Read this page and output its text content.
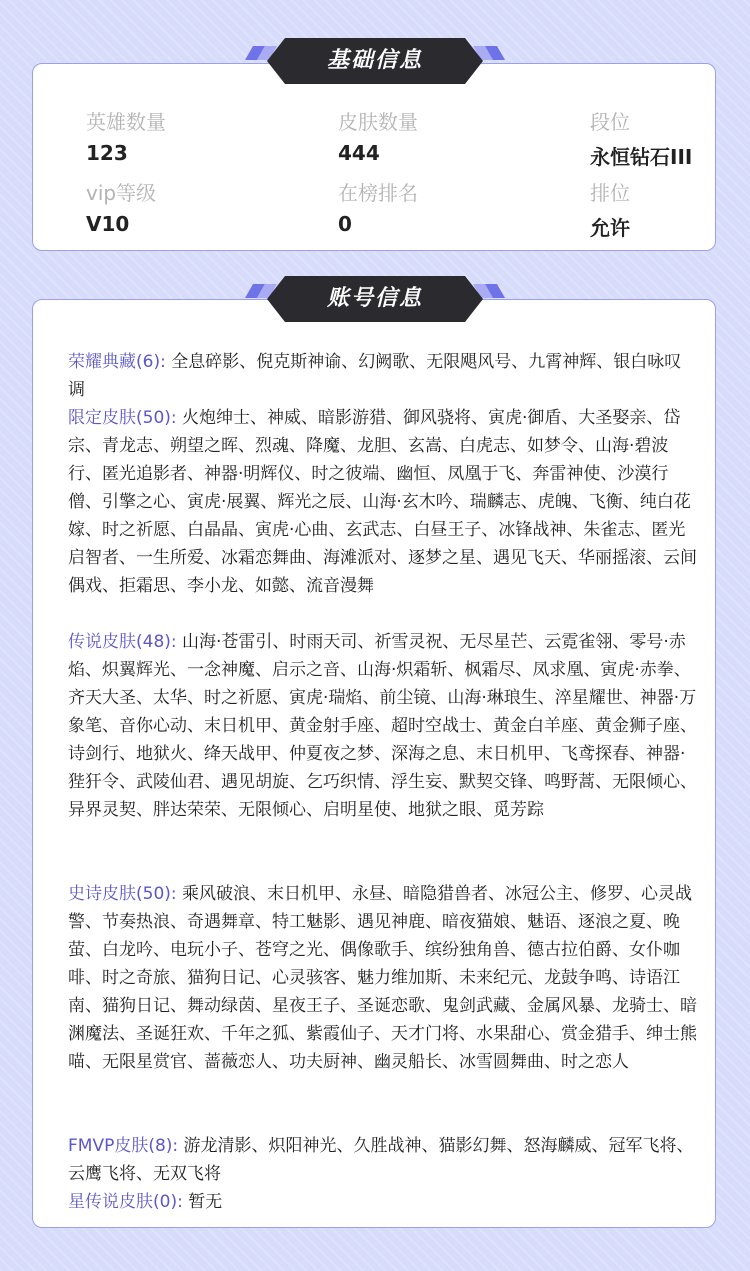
英雄数量
123
皮肤数量
444
段位
永恒钻石III
vip等级
V10
在榜排名
0
排位
允许
荣耀典藏(6): 全息碎影、倪克斯神谕、幻阙歌、无限飓风号、九霄神辉、银白咏叹调
限定皮肤(50): 火炮绅士、神威、暗影游猎、御风骁将、寅虎·御盾、大圣娶亲、岱宗、青龙志、朔望之晖、烈魂、降魔、龙胆、玄嵩、白虎志、如梦令、山海·碧波行、匿光追影者、神器·明辉仪、时之彼端、幽恒、凤凰于飞、奔雷神使、沙漠行僧、引擎之心、寅虎·展翼、辉光之辰、山海·玄木吟、瑞麟志、虎魄、飞衡、纯白花嫁、时之祈愿、白晶晶、寅虎·心曲、玄武志、白昼王子、冰锋战神、朱雀志、匿光启智者、一生所爱、冰霜恋舞曲、海滩派对、逐梦之星、遇见飞天、华丽摇滚、云间偶戏、拒霜思、李小龙、如懿、流音漫舞
传说皮肤(48): 山海·苍雷引、时雨天司、祈雪灵祝、无尽星芒、云霓雀翎、零号·赤焰、炽翼辉光、一念神魔、启示之音、山海·炽霜斩、枫霜尽、凤求凰、寅虎·赤拳、齐天大圣、太华、时之祈愿、寅虎·瑞焰、前尘镜、山海·琳琅生、淬星耀世、神器·万象笔、音你心动、末日机甲、黄金射手座、超时空战士、黄金白羊座、黄金狮子座、诗剑行、地狱火、绛天战甲、仲夏夜之梦、深海之息、末日机甲、飞鸢探春、神器·狴犴令、武陵仙君、遇见胡旋、乞巧织情、浮生妄、默契交锋、鸣野蒿、无限倾心、异界灵契、胖达荣荣、无限倾心、启明星使、地狱之眼、觅芳踪
史诗皮肤(50): 乘风破浪、末日机甲、永昼、暗隐猎兽者、冰冠公主、修罗、心灵战警、节奏热浪、奇遇舞章、特工魅影、遇见神鹿、暗夜猫娘、魅语、逐浪之夏、晚萤、白龙吟、电玩小子、苍穹之光、偶像歌手、缤纷独角兽、德古拉伯爵、女仆咖啡、时之奇旅、猫狗日记、心灵骇客、魅力维加斯、未来纪元、龙鼓争鸣、诗语江南、猫狗日记、舞动绿茵、星夜王子、圣诞恋歌、鬼剑武藏、金属风暴、龙骑士、暗渊魔法、圣诞狂欢、千年之狐、紫霞仙子、天才门将、水果甜心、赏金猎手、绅士熊喵、无限星赏官、蔷薇恋人、功夫厨神、幽灵船长、冰雪圆舞曲、时之恋人
FMVP皮肤(8): 游龙清影、炽阳神光、久胜战神、猫影幻舞、怒海麟威、冠军飞将、云鹰飞将、无双飞将
星传说皮肤(0): 暂无
基础信息
账号信息
